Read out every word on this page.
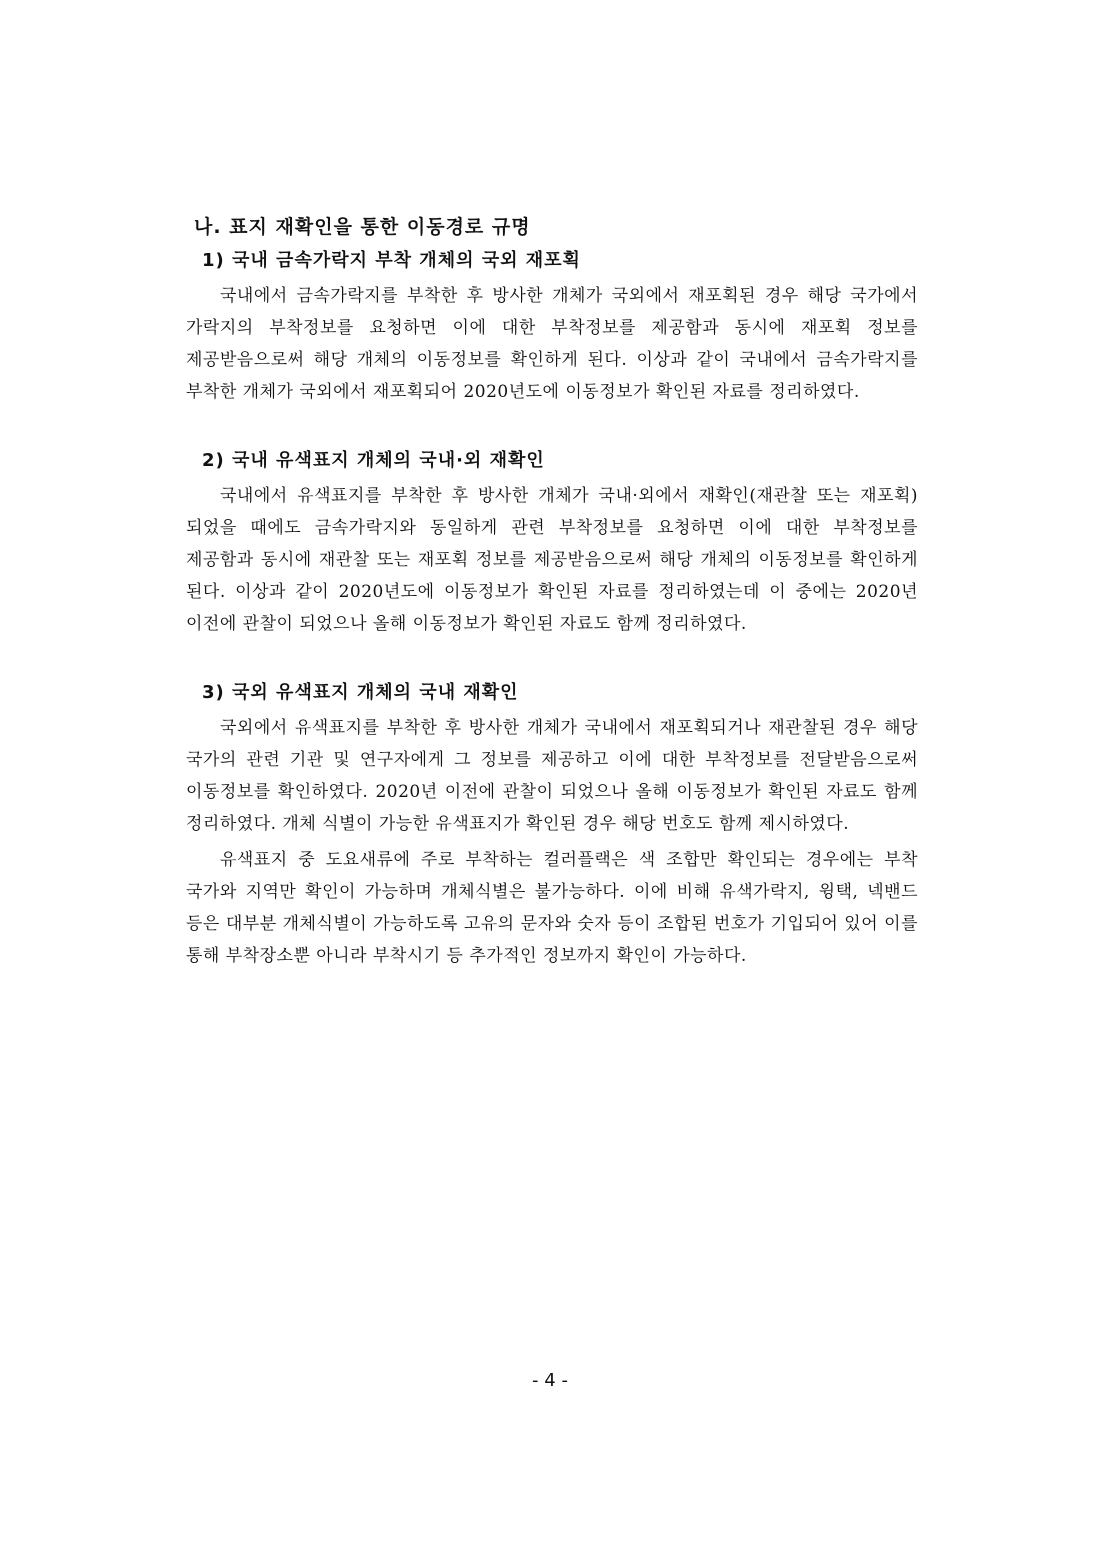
나. 표지 재확인을 통한 이동경로 규명
1) 국내 금속가락지 부착 개체의 국외 재포획

국내에서 금속가락지를 부착한 후 방사한 개체가 국외에서 재포획된 경우 해당 국가에서 가락지의 부착정보를 요청하면 이에 대한 부착정보를 제공함과 동시에 재포획 정보를 제공받음으로써 해당 개체의 이동정보를 확인하게 된다. 이상과 같이 국내에서 금속가락지를 부착한 개체가 국외에서 재포획되어 2020년도에 이동정보가 확인된 자료를 정리하였다.

2) 국내 유색표지 개체의 국내·외 재확인

국내에서 유색표지를 부착한 후 방사한 개체가 국내·외에서 재확인(재관찰 또는 재포획)되었을 때에도 금속가락지와 동일하게 관련 부착정보를 요청하면 이에 대한 부착정보를 제공함과 동시에 재관찰 또는 재포획 정보를 제공받음으로써 해당 개체의 이동정보를 확인하게 된다. 이상과 같이 2020년도에 이동정보가 확인된 자료를 정리하였는데 이 중에는 2020년 이전에 관찰이 되었으나 올해 이동정보가 확인된 자료도 함께 정리하였다.

3) 국외 유색표지 개체의 국내 재확인

국외에서 유색표지를 부착한 후 방사한 개체가 국내에서 재포획되거나 재관찰된 경우 해당 국가의 관련 기관 및 연구자에게 그 정보를 제공하고 이에 대한 부착정보를 전달받음으로써 이동정보를 확인하였다. 2020년 이전에 관찰이 되었으나 올해 이동정보가 확인된 자료도 함께 정리하였다. 개체 식별이 가능한 유색표지가 확인된 경우 해당 번호도 함께 제시하였다.

유색표지 중 도요새류에 주로 부착하는 컬러플랙은 색 조합만 확인되는 경우에는 부착 국가와 지역만 확인이 가능하며 개체식별은 불가능하다. 이에 비해 유색가락지, 윙택, 넥밴드 등은 대부분 개체식별이 가능하도록 고유의 문자와 숫자 등이 조합된 번호가 기입되어 있어 이를 통해 부착장소뿐 아니라 부착시기 등 추가적인 정보까지 확인이 가능하다.

- 4 -
